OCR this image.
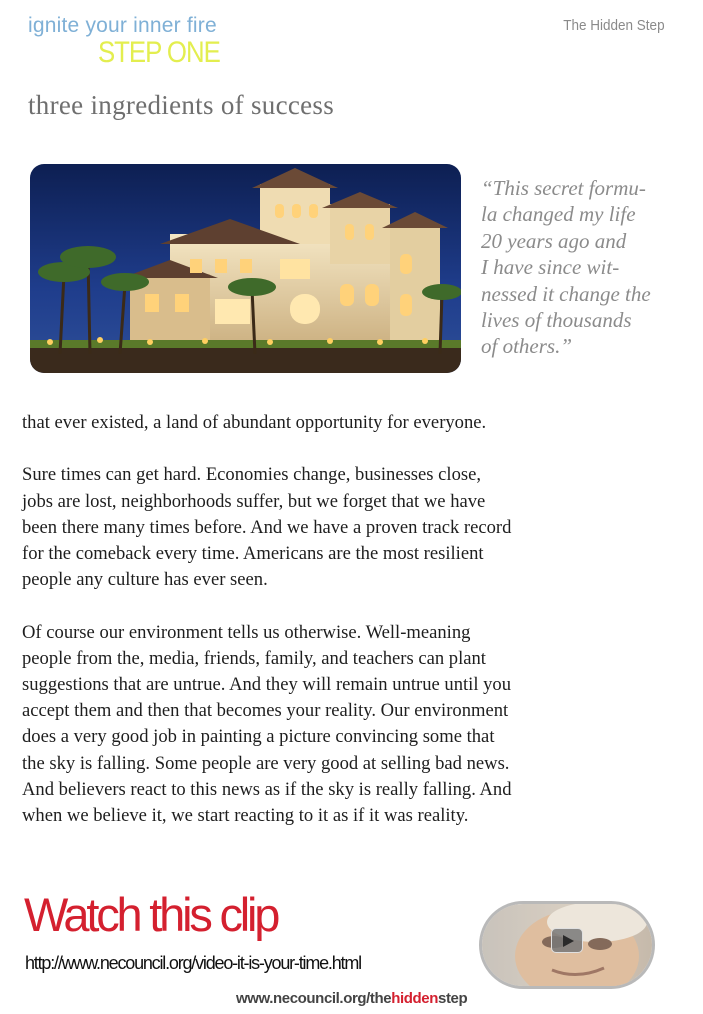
ignite your inner fire
STEP ONE
The Hidden Step
three ingredients of success

“This secret formu-

la changed my life

20 years ago and

I have since wit-

nessed it change the

lives of thousands

of others.”

that ever existed, a land of abundant opportunity for everyone.

Sure times can get hard. Economies change, businesses close,
jobs are lost, neighborhoods suffer, but we forget that we have
been there many times before. And we have a proven track record
for the comeback every time. Americans are the most resilient
people any culture has ever seen.

Of course our environment tells us otherwise. Well-meaning
people from the, media, friends, family, and teachers can plant
suggestions that are untrue. And they will remain untrue until you
accept them and then that becomes your reality. Our environment
does a very good job in painting a picture convincing some that
the sky is falling. Some people are very good at selling bad news.
And believers react to this news as if the sky is really falling. And
when we believe it, we start reacting to it as if it was reality.

Watch this clip
http://www.necouncil.org/video-it-is-your-time.html
www.necouncil.org/thehiddenstep
